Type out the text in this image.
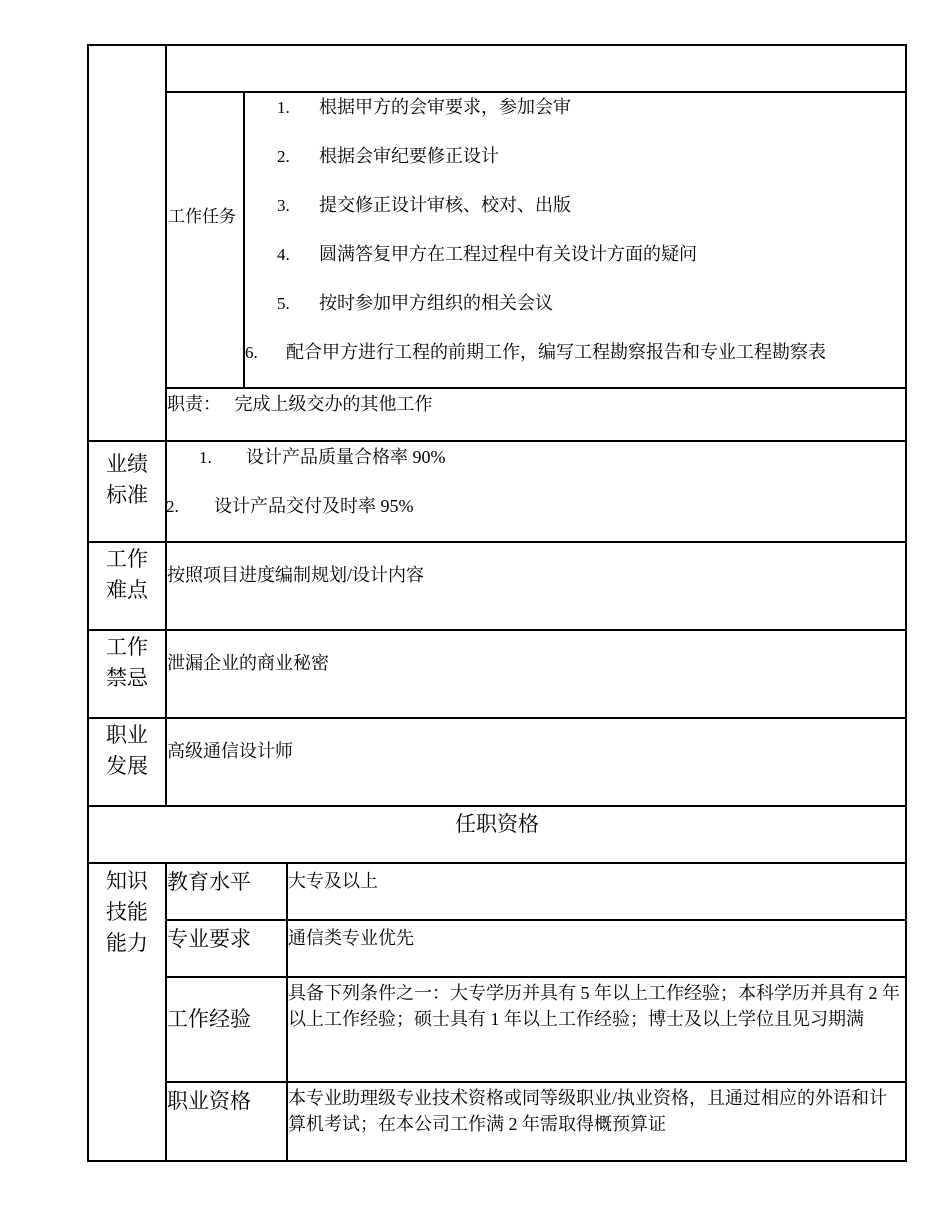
工作任务
1. 根据甲方的会审要求，参加会审
2. 根据会审纪要修正设计
3. 提交修正设计审核、校对、出版
4. 圆满答复甲方在工程过程中有关设计方面的疑问
5. 按时参加甲方组织的相关会议
6. 配合甲方进行工程的前期工作，编写工程勘察报告和专业工程勘察表
职责：   完成上级交办的其他工作
业绩标准
1. 设计产品质量合格率 90%
2. 设计产品交付及时率 95%
工作难点
按照项目进度编制规划/设计内容
工作禁忌
泄漏企业的商业秘密
职业发展
高级通信设计师
任职资格
知识技能能力
教育水平 大专及以上
专业要求 通信类专业优先
工作经验
具备下列条件之一：大专学历并具有 5 年以上工作经验；本科学历并具有 2 年以上工作经验；硕士具有 1 年以上工作经验；博士及以上学位且见习期满
职业资格 本专业助理级专业技术资格或同等级职业/执业资格，且通过相应的外语和计算机考试；在本公司工作满 2 年需取得概预算证
